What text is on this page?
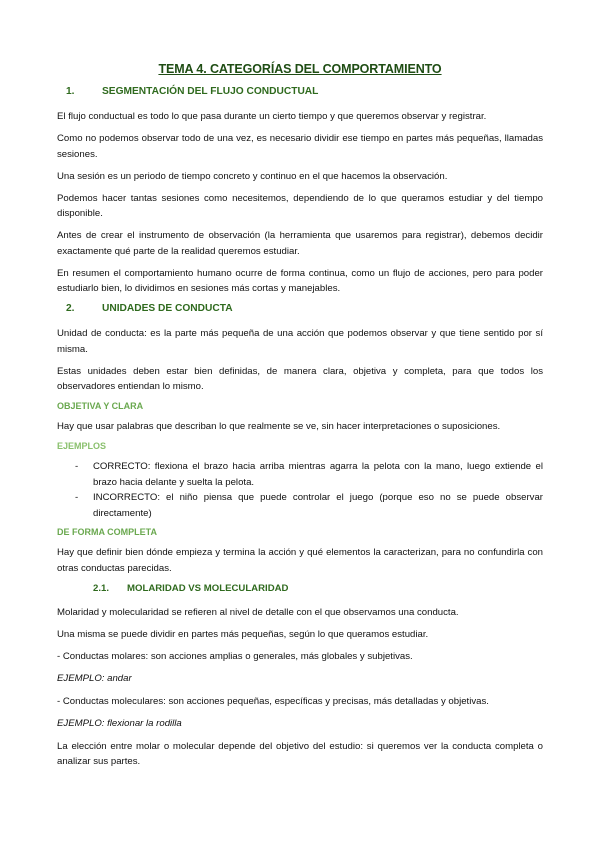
TEMA 4. CATEGORÍAS DEL COMPORTAMIENTO
1.	SEGMENTACIÓN DEL FLUJO CONDUCTUAL

El flujo conductual es todo lo que pasa durante un cierto tiempo y que queremos observar y registrar.

Como no podemos observar todo de una vez, es necesario dividir ese tiempo en partes más pequeñas, llamadas sesiones.

Una sesión es un periodo de tiempo concreto y continuo en el que hacemos la observación.

Podemos hacer tantas sesiones como necesitemos, dependiendo de lo que queramos estudiar y del tiempo disponible.

Antes de crear el instrumento de observación (la herramienta que usaremos para registrar), debemos decidir exactamente qué parte de la realidad queremos estudiar.

En resumen el comportamiento humano ocurre de forma continua, como un flujo de acciones, pero para poder estudiarlo bien, lo dividimos en sesiones más cortas y manejables.

2.	UNIDADES DE CONDUCTA

Unidad de conducta: es la parte más pequeña de una acción que podemos observar y que tiene sentido por sí misma.

Estas unidades deben estar bien definidas, de manera clara, objetiva y completa, para que todos los observadores entiendan lo mismo.

OBJETIVA Y CLARA

Hay que usar palabras que describan lo que realmente se ve, sin hacer interpretaciones o suposiciones.

EJEMPLOS
-	CORRECTO: flexiona el brazo hacia arriba mientras agarra la pelota con la mano, luego extiende el brazo hacia delante y suelta la pelota.
-	INCORRECTO: el niño piensa que puede controlar el juego (porque eso no se puede observar directamente)
DE FORMA COMPLETA

Hay que definir bien dónde empieza y termina la acción y qué elementos la caracterizan, para no confundirla con otras conductas parecidas.

2.1.	MOLARIDAD VS MOLECULARIDAD

Molaridad y molecularidad se refieren al nivel de detalle con el que observamos una conducta.

Una misma se puede dividir en partes más pequeñas, según lo que queramos estudiar.

- Conductas molares: son acciones amplias o generales, más globales y subjetivas.

EJEMPLO: andar

- Conductas moleculares: son acciones pequeñas, específicas y precisas, más detalladas y objetivas.

EJEMPLO: flexionar la rodilla

La elección entre molar o molecular depende del objetivo del estudio: si queremos ver la conducta completa o analizar sus partes.
